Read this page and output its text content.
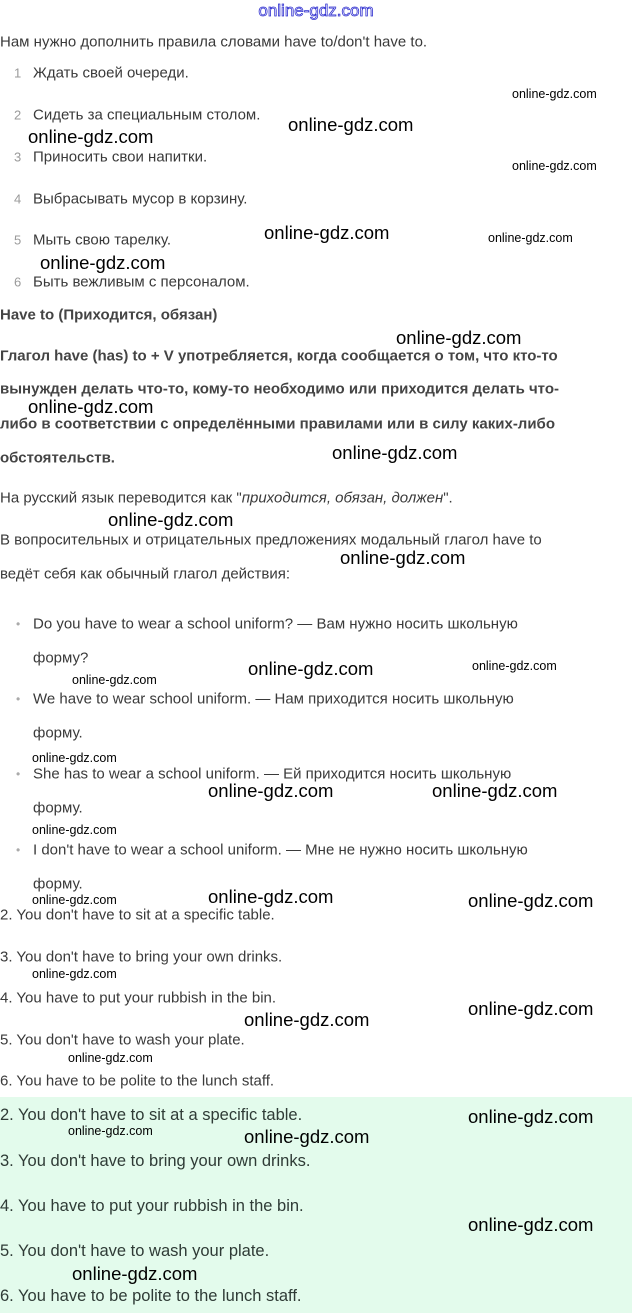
online-gdz.com
Нам нужно дополнить правила словами have to/don't have to.
1 Ждать своей очереди.
2 Сидеть за специальным столом.
3 Приносить свои напитки.
4 Выбрасывать мусор в корзину.
5 Мыть свою тарелку.
6 Быть вежливым с персоналом.
Have to (Приходится, обязан)
Глагол have (has) to + V употребляется, когда сообщается о том, что кто-то
вынужден делать что-то, кому-то необходимо или приходится делать что-
либо в соответствии с определёнными правилами или в силу каких-либо
обстоятельств.
На русский язык переводится как "приходится, обязан, должен".
В вопросительных и отрицательных предложениях модальный глагол have to
ведёт себя как обычный глагол действия:
• Do you have to wear a school uniform? — Вам нужно носить школьную
форму?
• We have to wear school uniform. — Нам приходится носить школьную
форму.
• She has to wear a school uniform. — Ей приходится носить школьную
форму.
• I don't have to wear a school uniform. — Мне не нужно носить школьную
форму.
2. You don't have to sit at a specific table.
3. You don't have to bring your own drinks.
4. You have to put your rubbish in the bin.
5. You don't have to wash your plate.
6. You have to be polite to the lunch staff.
2. You don't have to sit at a specific table.
3. You don't have to bring your own drinks.
4. You have to put your rubbish in the bin.
5. You don't have to wash your plate.
6. You have to be polite to the lunch staff.
online-gdz.com
online-gdz.com
online-gdz.com
online-gdz.com
online-gdz.com
online-gdz.com
online-gdz.com
online-gdz.com
online-gdz.com
online-gdz.com
online-gdz.com
online-gdz.com
online-gdz.com
online-gdz.com
online-gdz.com
online-gdz.com
online-gdz.com
online-gdz.com
online-gdz.com
online-gdz.com
online-gdz.com
online-gdz.com	online-gdz.com
online-gdz.com	online-gdz.com
online-gdz.com
online-gdz.com
online-gdz.com
online-gdz.com
online-gdz.com
online-gdz.com
